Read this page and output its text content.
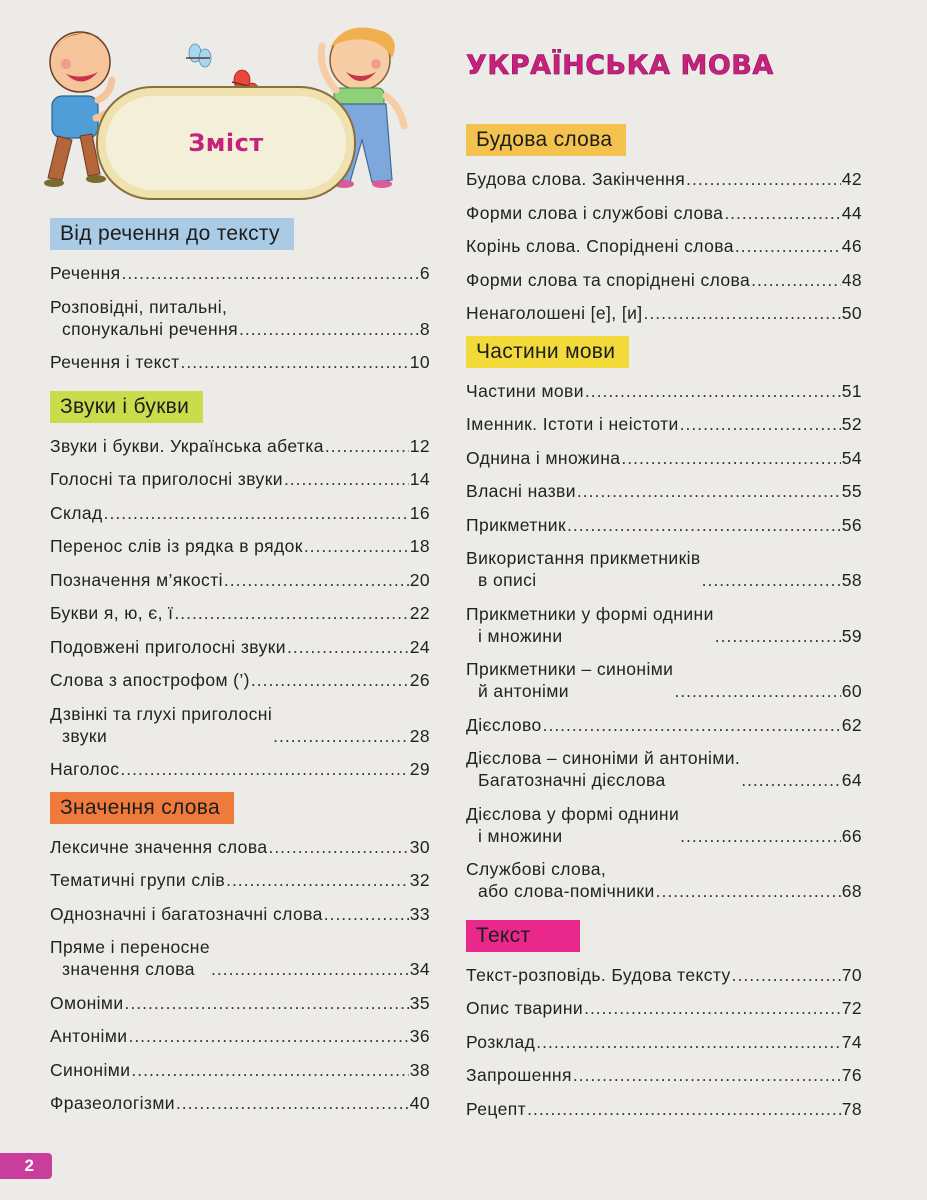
Зміст
УКРАЇНСЬКА МОВА
Від речення до тексту
Речення .....	6
Розповідні, питальні,
спонукальні речення .....	8
Речення і текст .....	10
Звуки і букви
Звуки і букви. Українська абетка .....	12
Голосні та приголосні звуки .....	14
Склад .....	16
Перенос слів із рядка в рядок .....	18
Позначення м’якості .....	20
Букви я, ю, є, ї .....	22
Подовжені приголосні звуки .....	24
Слова з апострофом (’) .....	26
Дзвінкі та глухі приголосні
звуки .....	28
Наголос .....	29
Значення слова
Лексичне значення слова .....	30
Тематичні групи слів .....	32
Однозначні і багатозначні слова .....	33
Пряме і переносне
значення слова .....	34
Омоніми .....	35
Антоніми .....	36
Синоніми .....	38
Фразеологізми .....	40
Будова слова
Будова слова. Закінчення .....	42
Форми слова і службові слова .....	44
Корінь слова. Споріднені слова .....	46
Форми слова та споріднені слова .....	48
Ненаголошені [е], [и] .....	50
Частини мови
Частини мови .....	51
Іменник. Істоти і неістоти .....	52
Однина і множина .....	54
Власні назви .....	55
Прикметник .....	56
Використання прикметників
в описі .....	58
Прикметники у формі однини
і множини .....	59
Прикметники – синоніми
й антоніми .....	60
Дієслово .....	62
Дієслова – синоніми й антоніми.
Багатозначні дієслова .....	64
Дієслова у формі однини
і множини .....	66
Службові слова,
або слова-помічники .....	68
Текст
Текст-розповідь. Будова тексту .....	70
Опис тварини .....	72
Розклад .....	74
Запрошення .....	76
Рецепт .....	78
2
